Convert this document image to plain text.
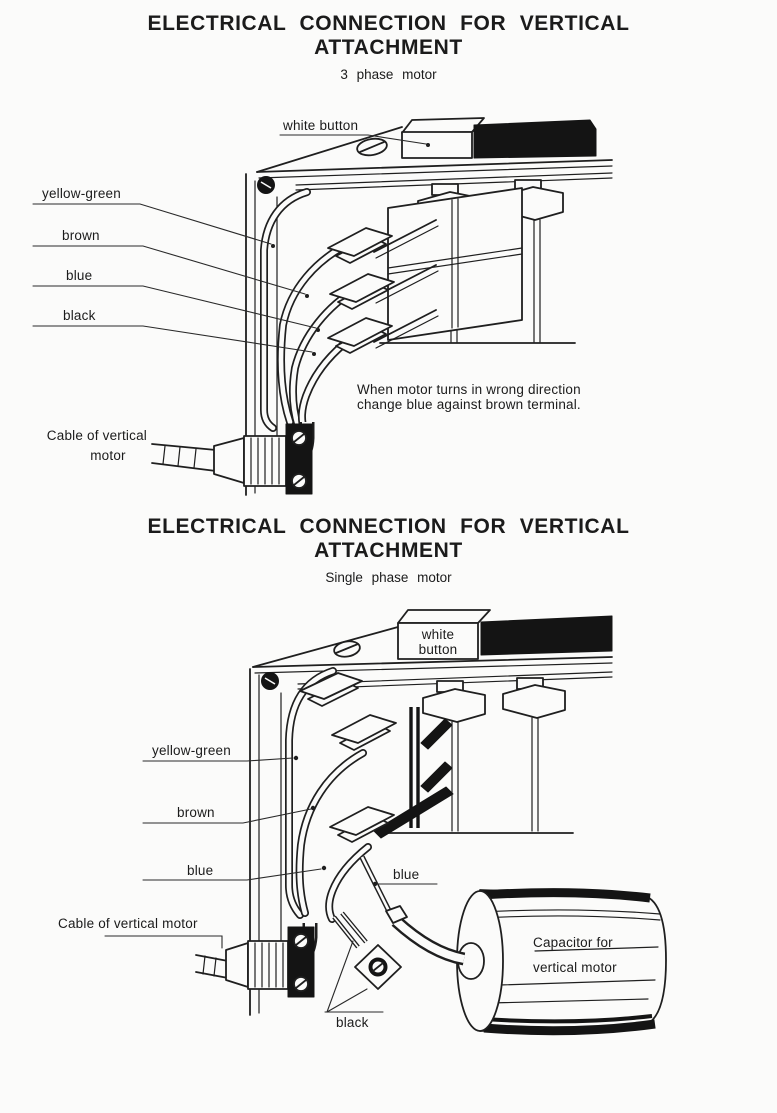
ELECTRICAL CONNECTION FOR VERTICAL
ATTACHMENT
3 phase motor
white button
yellow-green
brown
blue
black
When motor turns in wrong direction
change blue against brown terminal.
Cable of vertical
motor
ELECTRICAL CONNECTION FOR VERTICAL
ATTACHMENT
Single phase motor
white
button
Capacitor for
vertical motor
yellow-green
brown
blue	blue
Cable of vertical motor
black
